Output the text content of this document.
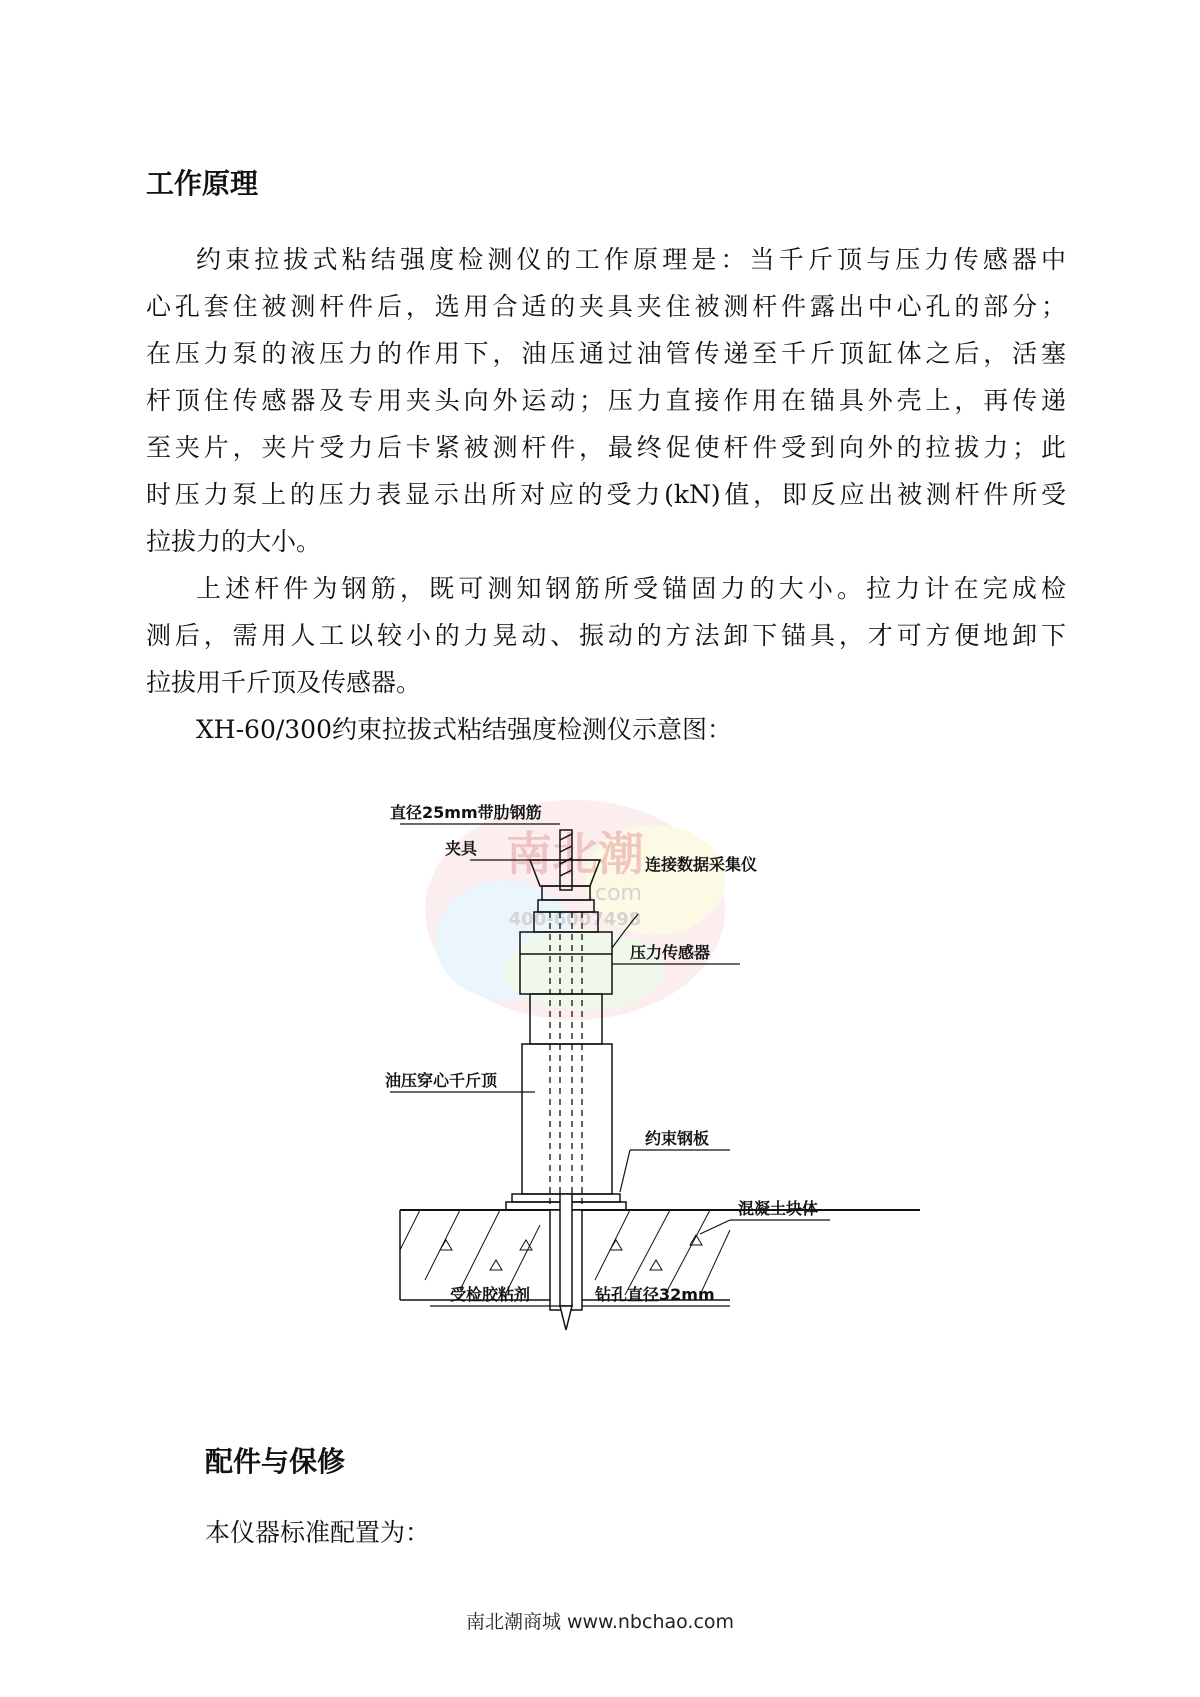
南北潮
.com
400-6007498
工作原理
约束拉拔式粘结强度检测仪的工作原理是：当千斤顶与压力传感器中
心孔套住被测杆件后，选用合适的夹具夹住被测杆件露出中心孔的部分；
在压力泵的液压力的作用下，油压通过油管传递至千斤顶缸体之后，活塞
杆顶住传感器及专用夹头向外运动；压力直接作用在锚具外壳上，再传递
至夹片，夹片受力后卡紧被测杆件，最终促使杆件受到向外的拉拔力；此
时压力泵上的压力表显示出所对应的受力(kN)值，即反应出被测杆件所受
拉拔力的大小。
上述杆件为钢筋，既可测知钢筋所受锚固力的大小。拉力计在完成检
测后，需用人工以较小的力晃动、振动的方法卸下锚具，才可方便地卸下
拉拔用千斤顶及传感器。
XH-60/300约束拉拔式粘结强度检测仪示意图：
直径25mm带肋钢筋
夹具
连接数据采集仪
压力传感器
油压穿心千斤顶
约束钢板
混凝土块体
受检胶粘剂	钻孔直径32mm
配件与保修
本仪器标准配置为：
南北潮商城 www.nbchao.com
